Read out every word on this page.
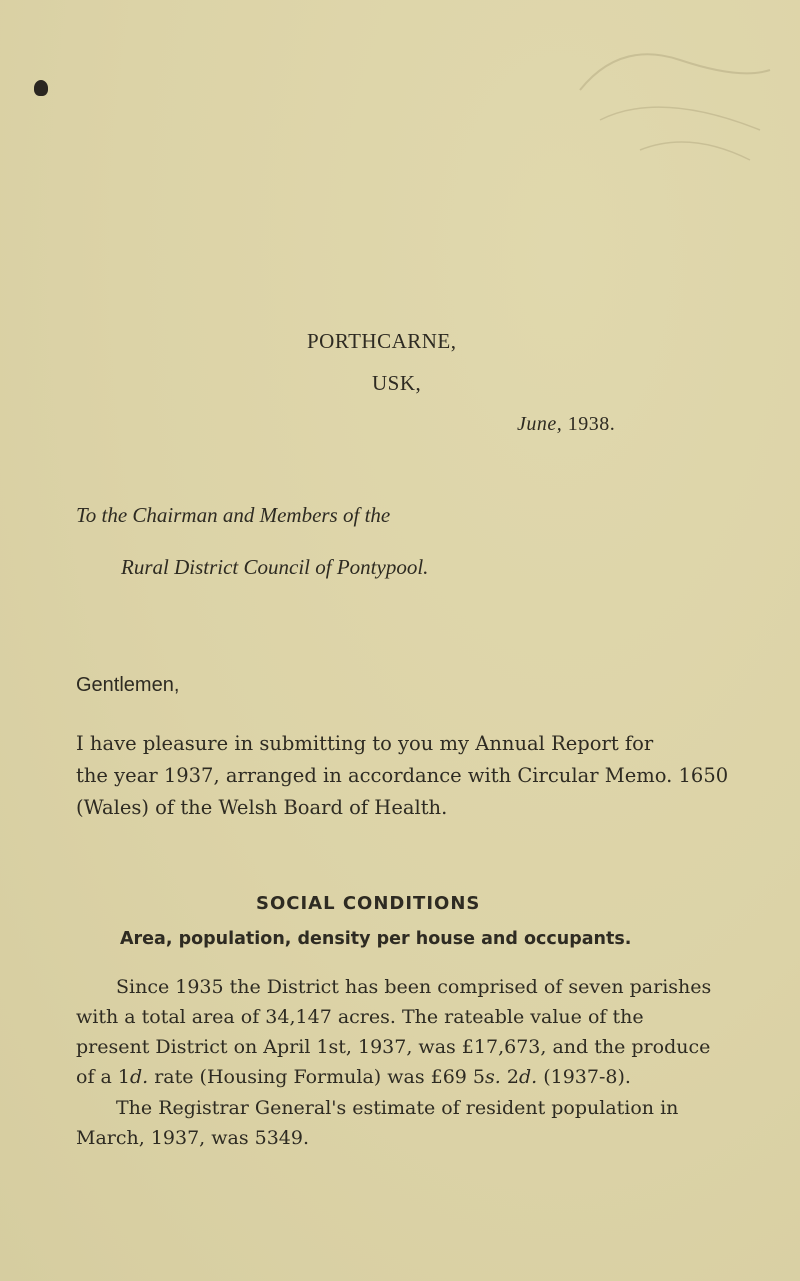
PORTHCARNE,
USK,
June, 1938.
To the Chairman and Members of the
Rural District Council of Pontypool.
Gentlemen,
I have pleasure in submitting to you my Annual Report for
the year 1937, arranged in accordance with Circular Memo. 1650
(Wales) of the Welsh Board of Health.
SOCIAL CONDITIONS
Area, population, density per house and occupants.
Since 1935 the District has been comprised of seven parishes
with a total area of 34,147 acres. The rateable value of the
present District on April 1st, 1937, was £17,673, and the produce
of a 1d. rate (Housing Formula) was £69 5s. 2d. (1937-8).
The Registrar General's estimate of resident population in
March, 1937, was 5349.
